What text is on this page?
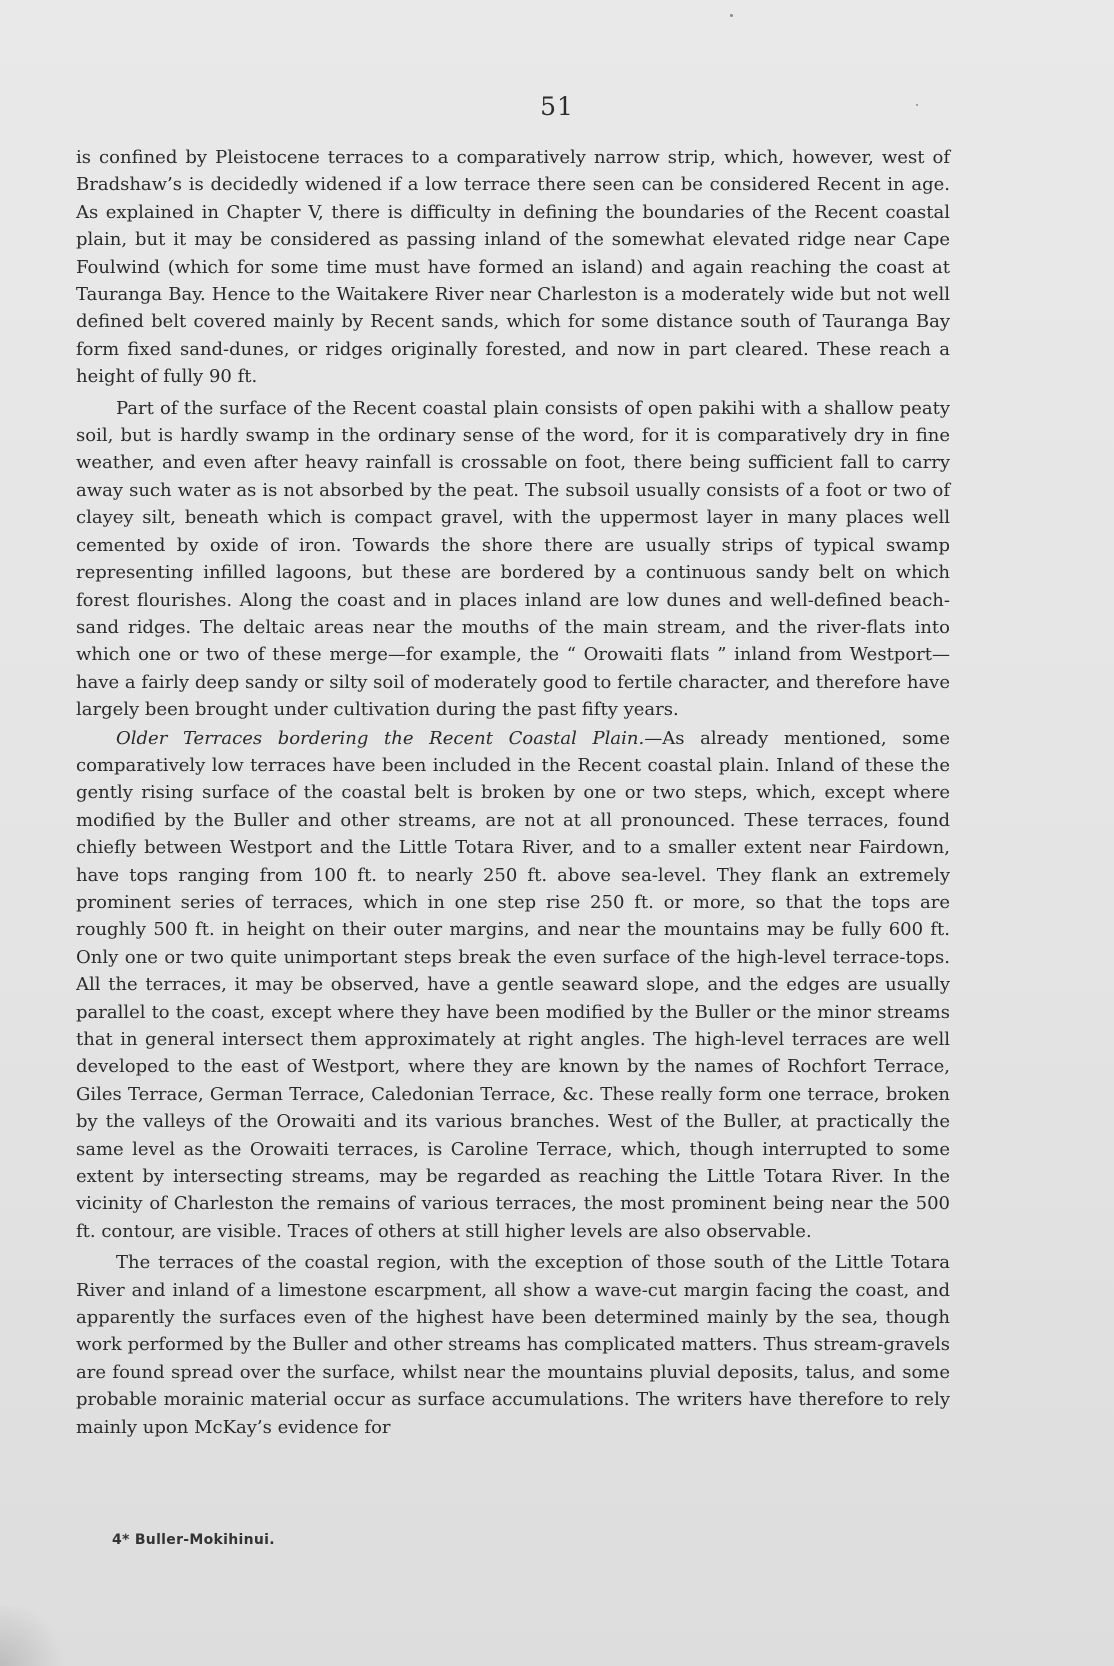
51

is confined by Pleistocene terraces to a comparatively narrow strip, which, however, west of Bradshaw’s is decidedly widened if a low terrace there seen can be considered Recent in age. As explained in Chapter V, there is difficulty in defining the boundaries of the Recent coastal plain, but it may be considered as passing inland of the somewhat elevated ridge near Cape Foulwind (which for some time must have formed an island) and again reaching the coast at Tauranga Bay. Hence to the Waitakere River near Charleston is a moderately wide but not well defined belt covered mainly by Recent sands, which for some distance south of Tauranga Bay form fixed sand-dunes, or ridges originally forested, and now in part cleared. These reach a height of fully 90 ft.

Part of the surface of the Recent coastal plain consists of open pakihi with a shallow peaty soil, but is hardly swamp in the ordinary sense of the word, for it is comparatively dry in fine weather, and even after heavy rainfall is crossable on foot, there being sufficient fall to carry away such water as is not absorbed by the peat. The subsoil usually consists of a foot or two of clayey silt, beneath which is compact gravel, with the uppermost layer in many places well cemented by oxide of iron. Towards the shore there are usually strips of typical swamp representing infilled lagoons, but these are bordered by a continuous sandy belt on which forest flourishes. Along the coast and in places inland are low dunes and well-defined beach-sand ridges. The deltaic areas near the mouths of the main stream, and the river-flats into which one or two of these merge—for example, the “ Orowaiti flats ” inland from Westport—have a fairly deep sandy or silty soil of moderately good to fertile character, and therefore have largely been brought under cultivation during the past fifty years.

Older Terraces bordering the Recent Coastal Plain.—As already mentioned, some comparatively low terraces have been included in the Recent coastal plain. Inland of these the gently rising surface of the coastal belt is broken by one or two steps, which, except where modified by the Buller and other streams, are not at all pronounced. These terraces, found chiefly between Westport and the Little Totara River, and to a smaller extent near Fairdown, have tops ranging from 100 ft. to nearly 250 ft. above sea-level. They flank an extremely prominent series of terraces, which in one step rise 250 ft. or more, so that the tops are roughly 500 ft. in height on their outer margins, and near the mountains may be fully 600 ft. Only one or two quite unimportant steps break the even surface of the high-level terrace-tops. All the terraces, it may be observed, have a gentle seaward slope, and the edges are usually parallel to the coast, except where they have been modified by the Buller or the minor streams that in general intersect them approximately at right angles. The high-level terraces are well developed to the east of Westport, where they are known by the names of Rochfort Terrace, Giles Terrace, German Terrace, Caledonian Terrace, &c. These really form one terrace, broken by the valleys of the Orowaiti and its various branches. West of the Buller, at practically the same level as the Orowaiti terraces, is Caroline Terrace, which, though interrupted to some extent by intersecting streams, may be regarded as reaching the Little Totara River. In the vicinity of Charleston the remains of various terraces, the most prominent being near the 500 ft. contour, are visible. Traces of others at still higher levels are also observable.

The terraces of the coastal region, with the exception of those south of the Little Totara River and inland of a limestone escarpment, all show a wave-cut margin facing the coast, and apparently the surfaces even of the highest have been determined mainly by the sea, though work performed by the Buller and other streams has complicated matters. Thus stream-gravels are found spread over the surface, whilst near the mountains pluvial deposits, talus, and some probable morainic material occur as surface accumulations. The writers have therefore to rely mainly upon McKay’s evidence for

4* Buller-Mokihinui.
